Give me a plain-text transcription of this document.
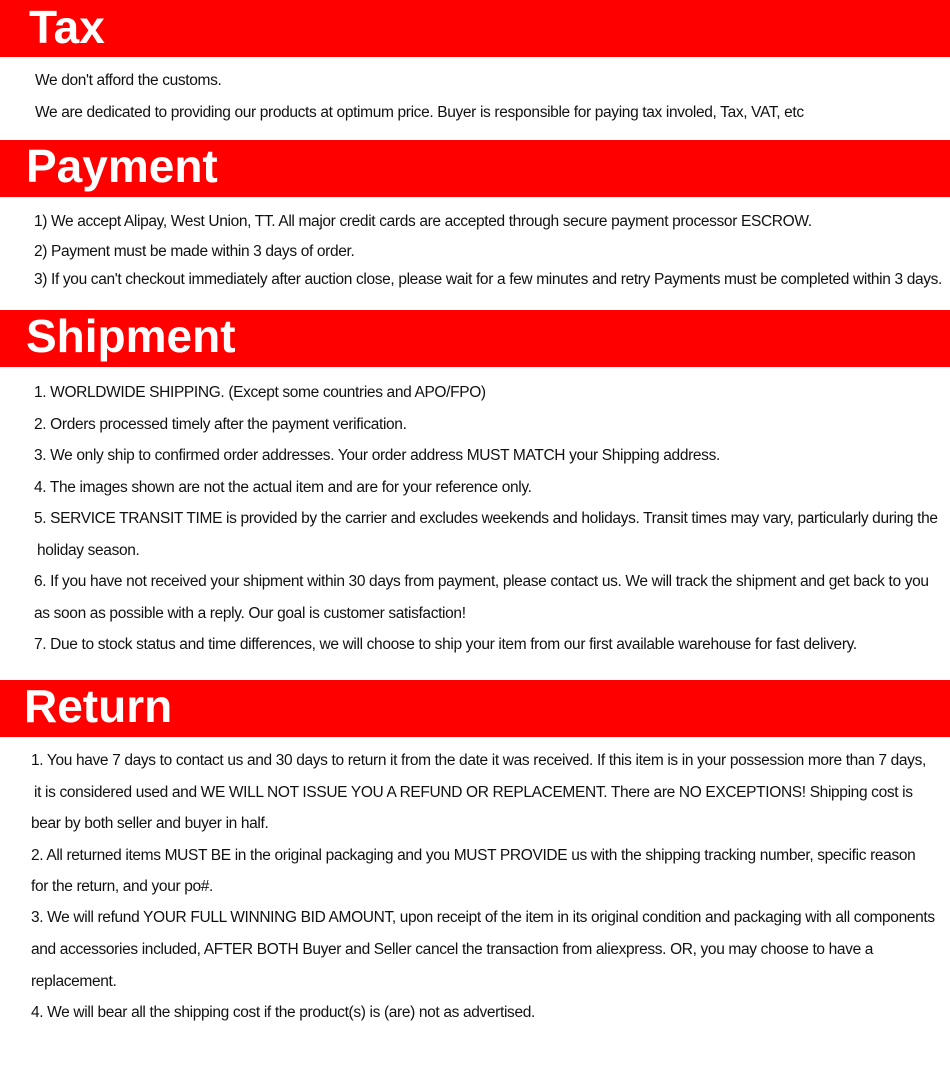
Tax
We don't afford the customs.
We are dedicated to providing our products at optimum price. Buyer is responsible for paying tax involed, Tax, VAT, etc
Payment
1) We accept Alipay, West Union, TT. All major credit cards are accepted through secure payment processor ESCROW.
2) Payment must be made within 3 days of order.
3) If you can't checkout immediately after auction close, please wait for a few minutes and retry Payments must be completed within 3 days.
Shipment
1. WORLDWIDE SHIPPING. (Except some countries and APO/FPO)
2. Orders processed timely after the payment verification.
3. We only ship to confirmed order addresses. Your order address MUST MATCH your Shipping address.
4. The images shown are not the actual item and are for your reference only.
5. SERVICE TRANSIT TIME is provided by the carrier and excludes weekends and holidays. Transit times may vary, particularly during the
holiday season.
6. If you have not received your shipment within 30 days from payment, please contact us. We will track the shipment and get back to you
as soon as possible with a reply. Our goal is customer satisfaction!
7. Due to stock status and time differences, we will choose to ship your item from our first available warehouse for fast delivery.
Return
1. You have 7 days to contact us and 30 days to return it from the date it was received. If this item is in your possession more than 7 days,
it is considered used and WE WILL NOT ISSUE YOU A REFUND OR REPLACEMENT. There are NO EXCEPTIONS! Shipping cost is
bear by both seller and buyer in half.
2. All returned items MUST BE in the original packaging and you MUST PROVIDE us with the shipping tracking number, specific reason
for the return, and your po#.
3. We will refund YOUR FULL WINNING BID AMOUNT, upon receipt of the item in its original condition and packaging with all components
and accessories included, AFTER BOTH Buyer and Seller cancel the transaction from aliexpress. OR, you may choose to have a
replacement.
4. We will bear all the shipping cost if the product(s) is (are) not as advertised.
